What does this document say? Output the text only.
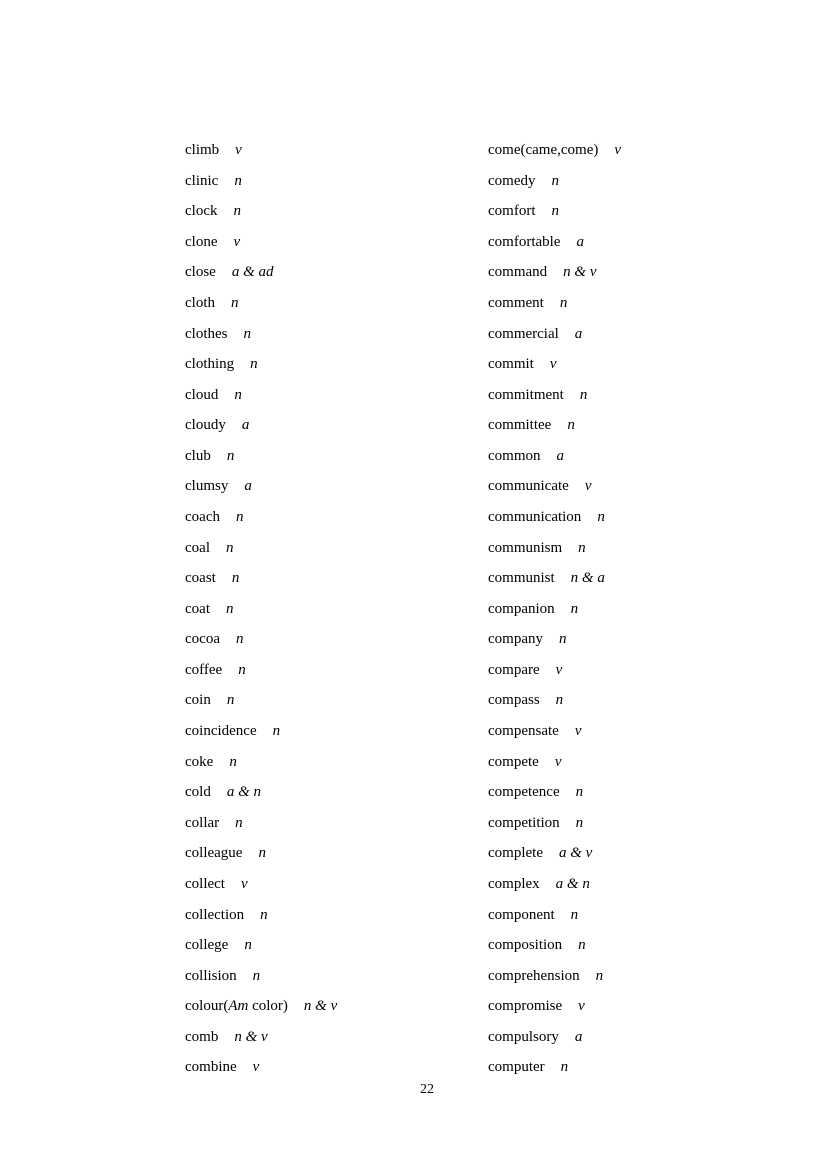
climb v

clinic n

clock n

clone v

close a & ad

cloth n

clothes n

clothing n

cloud n

cloudy a

club n

clumsy a

coach n

coal n

coast n

coat n

cocoa n

coffee n

coin n

coincidence n

coke n

cold a & n

collar n

colleague n

collect v

collection n

college n

collision n

colour(Am color) n & v

comb n & v

combine v

come(came,come) v

comedy n

comfort n

comfortable a

command n & v

comment n

commercial a

commit v

commitment n

committee n

common a

communicate v

communication n

communism n

communist n & a

companion n

company n

compare v

compass n

compensate v

compete v

competence n

competition n

complete a & v

complex a & n

component n

composition n

comprehension n

compromise v

compulsory a

computer n

22
